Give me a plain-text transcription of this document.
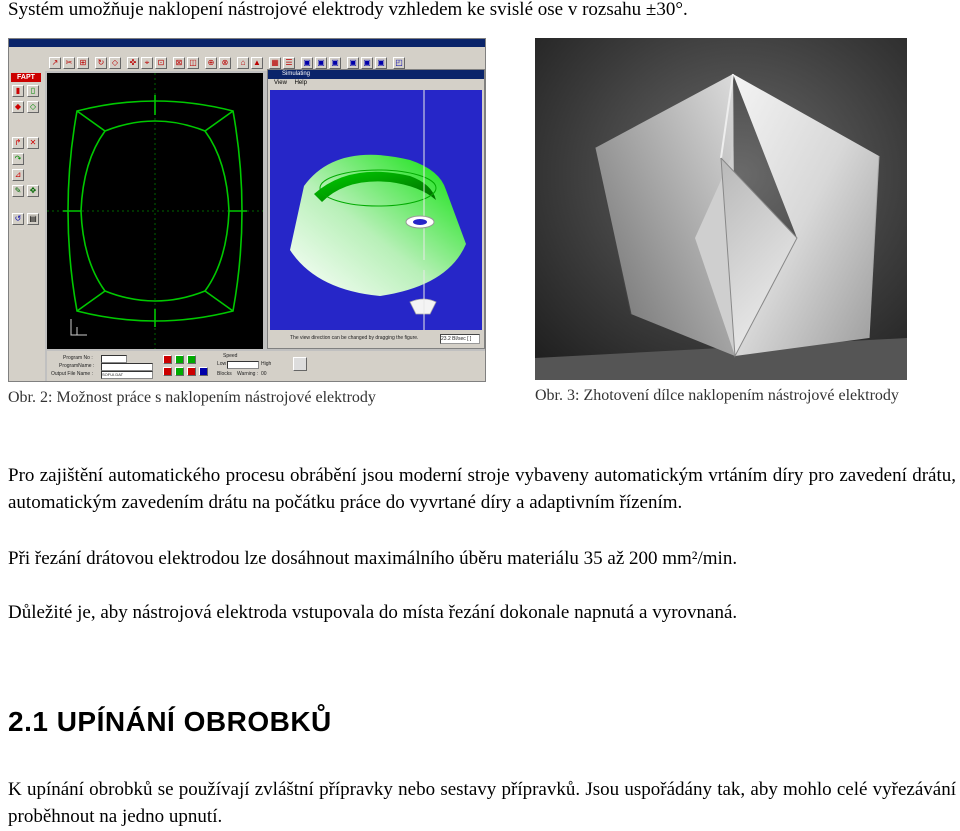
Systém umožňuje naklopení nástrojové elektrody vzhledem ke svislé ose v rozsahu ±30°.

↗ ✂ ⊞	↻ ◇	✜	⌖	⊡	⊠ ◫	⊕ ⊗	⌂ ▲ ▦ ☰	▣ ▣ ▣ ▣ ▣ ▣ ◰
FAPT
▮	▯
◆	◇
↱	✕
↷
⊿
✎	✥
↺ ▤
Simulating
View Help
The view direction can be changed by dragging the figure.	23.2 Bl/sec [ ]
Program No :
ProgramName :
Output File Name : SOFUI.DAT
Speed
Low	High
Blocks Warning : 00
Obr. 2: Možnost práce s naklopením nástrojové elektrody	Obr. 3: Zhotovení dílce naklopením nástrojové elektrody

Pro zajištění automatického procesu obrábění jsou moderní stroje vybaveny automatickým vrtáním díry pro zavedení drátu, automatickým zavedením drátu na počátku práce do vyvrtané díry a adaptivním řízením.

Při řezání drátovou elektrodou lze dosáhnout maximálního úběru materiálu 35 až 200 mm²/min.

Důležité je, aby nástrojová elektroda vstupovala do místa řezání dokonale napnutá a vyrovnaná.

2.1 UPÍNÁNÍ OBROBKŮ

K upínání obrobků se používají zvláštní přípravky nebo sestavy přípravků. Jsou uspořádány tak, aby mohlo celé vyřezávání proběhnout na jedno upnutí.
